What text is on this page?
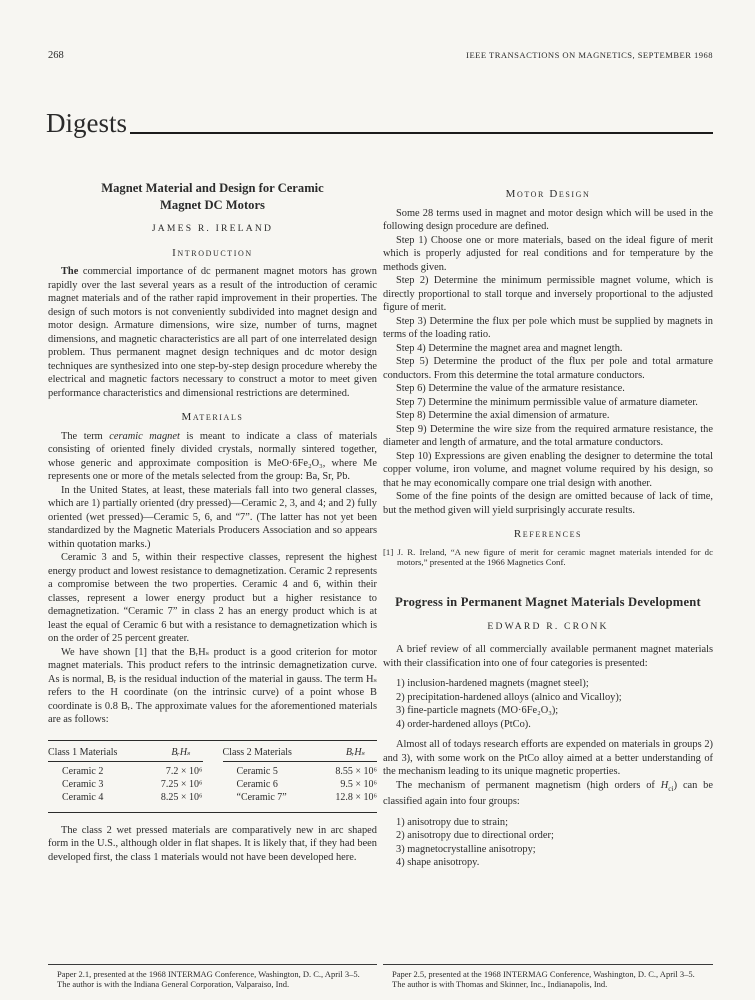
268	IEEE TRANSACTIONS ON MAGNETICS, SEPTEMBER 1968
Digests
Magnet Material and Design for Ceramic Magnet DC Motors
JAMES R. IRELAND
Introduction

The commercial importance of dc permanent magnet motors has grown rapidly over the last several years as a result of the introduction of ceramic magnet materials and of the rather rapid improvement in their properties. The design of such motors is not conveniently subdivided into magnet design and motor design. Armature dimensions, wire size, number of turns, magnet dimensions, and magnetic characteristics are all part of one interrelated design problem. Thus permanent magnet design techniques and dc motor design techniques are synthesized into one step-by-step design procedure whereby the electrical and magnetic factors necessary to construct a motor to meet given performance characteristics and dimensional restrictions are determined.

Materials

The term ceramic magnet is meant to indicate a class of materials consisting of oriented finely divided crystals, normally sintered together, whose generic and approximate composition is MeO·6Fe₂O₃, where Me represents one or more of the metals selected from the group: Ba, Sr, Pb.

In the United States, at least, these materials fall into two general classes, which are 1) partially oriented (dry pressed)—Ceramic 2, 3, and 4; and 2) fully oriented (wet pressed)—Ceramic 5, 6, and “7”. (The latter has not yet been standardized by the Magnetic Materials Producers Association and so appears within quotation marks.)

Ceramic 3 and 5, within their respective classes, represent the highest energy product and lowest resistance to demagnetization. Ceramic 2 represents a compromise between the two properties. Ceramic 4 and 6, within their classes, represent a lower energy product but a higher resistance to demagnetization. “Ceramic 7” in class 2 has an energy product which is at least the equal of Ceramic 6 but with a resistance to demagnetization which is on the order of 25 percent greater.

We have shown [1] that the BᵣHₛ product is a good criterion for motor magnet materials. This product refers to the intrinsic demagnetization curve. As is normal, Bᵣ is the residual induction of the material in gauss. The term Hₛ refers to the H coordinate (on the intrinsic curve) of a point whose B coordinate is 0.8 Bᵣ. The approximate values for the aforementioned materials are as follows:

Class 1 Materials	BᵣHₛ
Ceramic 2	7.2 × 10⁶
Ceramic 3	7.25 × 10⁶
Ceramic 4	8.25 × 10⁶
Class 2 Materials	BᵣHₛ
Ceramic 5	8.55 × 10⁶
Ceramic 6	9.5 × 10⁶
“Ceramic 7”	12.8 × 10⁶

The class 2 wet pressed materials are comparatively new in arc shaped form in the U.S., although older in flat shapes. It is likely that, if they had been developed first, the class 1 materials would not have been developed here.

Paper 2.1, presented at the 1968 INTERMAG Conference, Washington, D. C., April 3–5.
The author is with the Indiana General Corporation, Valparaiso, Ind.
Motor Design

Some 28 terms used in magnet and motor design which will be used in the following design procedure are defined.

Step 1) Choose one or more materials, based on the ideal figure of merit which is properly adjusted for real conditions and for temperature by the methods given.

Step 2) Determine the minimum permissible magnet volume, which is directly proportional to stall torque and inversely proportional to the adjusted figure of merit.

Step 3) Determine the flux per pole which must be supplied by magnets in terms of the loading ratio.

Step 4) Determine the magnet area and magnet length.

Step 5) Determine the product of the flux per pole and total armature conductors. From this determine the total armature conductors.

Step 6) Determine the value of the armature resistance.

Step 7) Determine the minimum permissible value of armature diameter.

Step 8) Determine the axial dimension of armature.

Step 9) Determine the wire size from the required armature resistance, the diameter and length of armature, and the total armature conductors.

Step 10) Expressions are given enabling the designer to determine the total copper volume, iron volume, and magnet volume required by his design, so that he may economically compare one trial design with another.

Some of the fine points of the design are omitted because of lack of time, but the method given will yield surprisingly accurate results.

References
[1] J. R. Ireland, “A new figure of merit for ceramic magnet materials intended for dc motors,” presented at the 1966 Magnetics Conf.
Progress in Permanent Magnet Materials Development
EDWARD R. CRONK

A brief review of all commercially available permanent magnet materials with their classification into one of four categories is presented:

1) inclusion-hardened magnets (magnet steel);
2) precipitation-hardened alloys (alnico and Vicalloy);
3) fine-particle magnets (MO·6Fe₂O₃);
4) order-hardened alloys (PtCo).

Almost all of todays research efforts are expended on materials in groups 2) and 3), with some work on the PtCo alloy aimed at a better understanding of the mechanism leading to its unique magnetic properties.

The mechanism of permanent magnetism (high orders of $H_{ci}$) can be classified again into four groups:

1) anisotropy due to strain;
2) anisotropy due to directional order;
3) magnetocrystalline anisotropy;
4) shape anisotropy.
Paper 2.5, presented at the 1968 INTERMAG Conference, Washington, D. C., April 3–5.
The author is with Thomas and Skinner, Inc., Indianapolis, Ind.
